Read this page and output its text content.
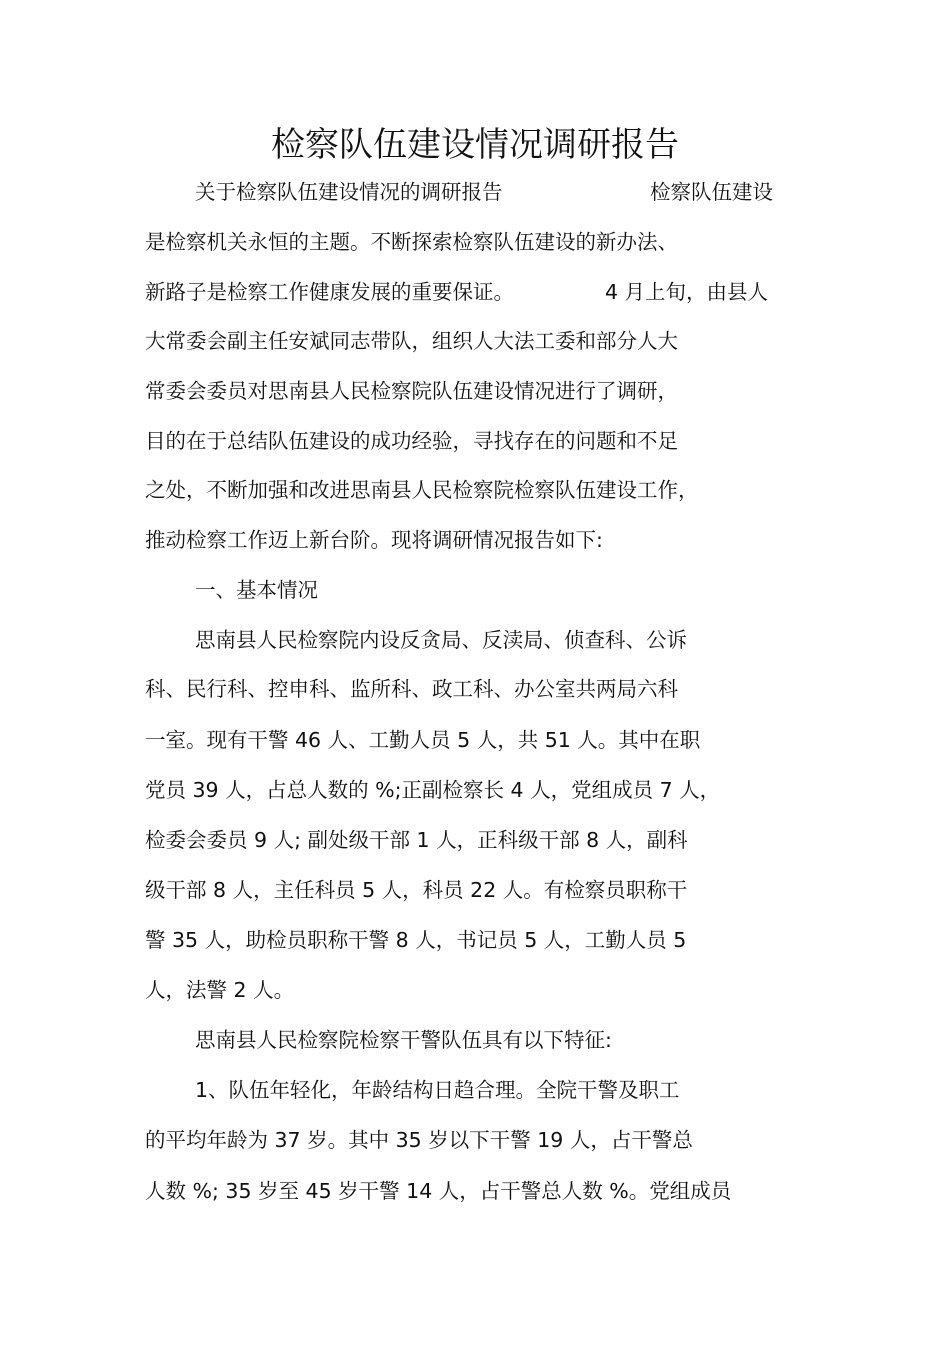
检察队伍建设情况调研报告
关于检察队伍建设情况的调研报告	检察队伍建设
是检察机关永恒的主题。不断探索检察队伍建设的新办法、
新路子是检察工作健康发展的重要保证。	4 月上旬，由县人
大常委会副主任安斌同志带队，组织人大法工委和部分人大
常委会委员对思南县人民检察院队伍建设情况进行了调研，
目的在于总结队伍建设的成功经验，寻找存在的问题和不足
之处，不断加强和改进思南县人民检察院检察队伍建设工作，
推动检察工作迈上新台阶。现将调研情况报告如下:
一、基本情况
思南县人民检察院内设反贪局、反渎局、侦查科、公诉
科、民行科、控申科、监所科、政工科、办公室共两局六科
一室。现有干警 46 人、工勤人员 5 人，共 51 人。其中在职
党员 39 人，占总人数的 %;正副检察长 4 人，党组成员 7 人，
检委会委员 9 人; 副处级干部 1 人，正科级干部 8 人，副科
级干部 8 人，主任科员 5 人，科员 22 人。有检察员职称干
警 35 人，助检员职称干警 8 人，书记员 5 人，工勤人员 5
人，法警 2 人。
思南县人民检察院检察干警队伍具有以下特征:
1、队伍年轻化，年龄结构日趋合理。全院干警及职工
的平均年龄为 37 岁。其中 35 岁以下干警 19 人，占干警总
人数 %; 35 岁至 45 岁干警 14 人，占干警总人数 %。党组成员
